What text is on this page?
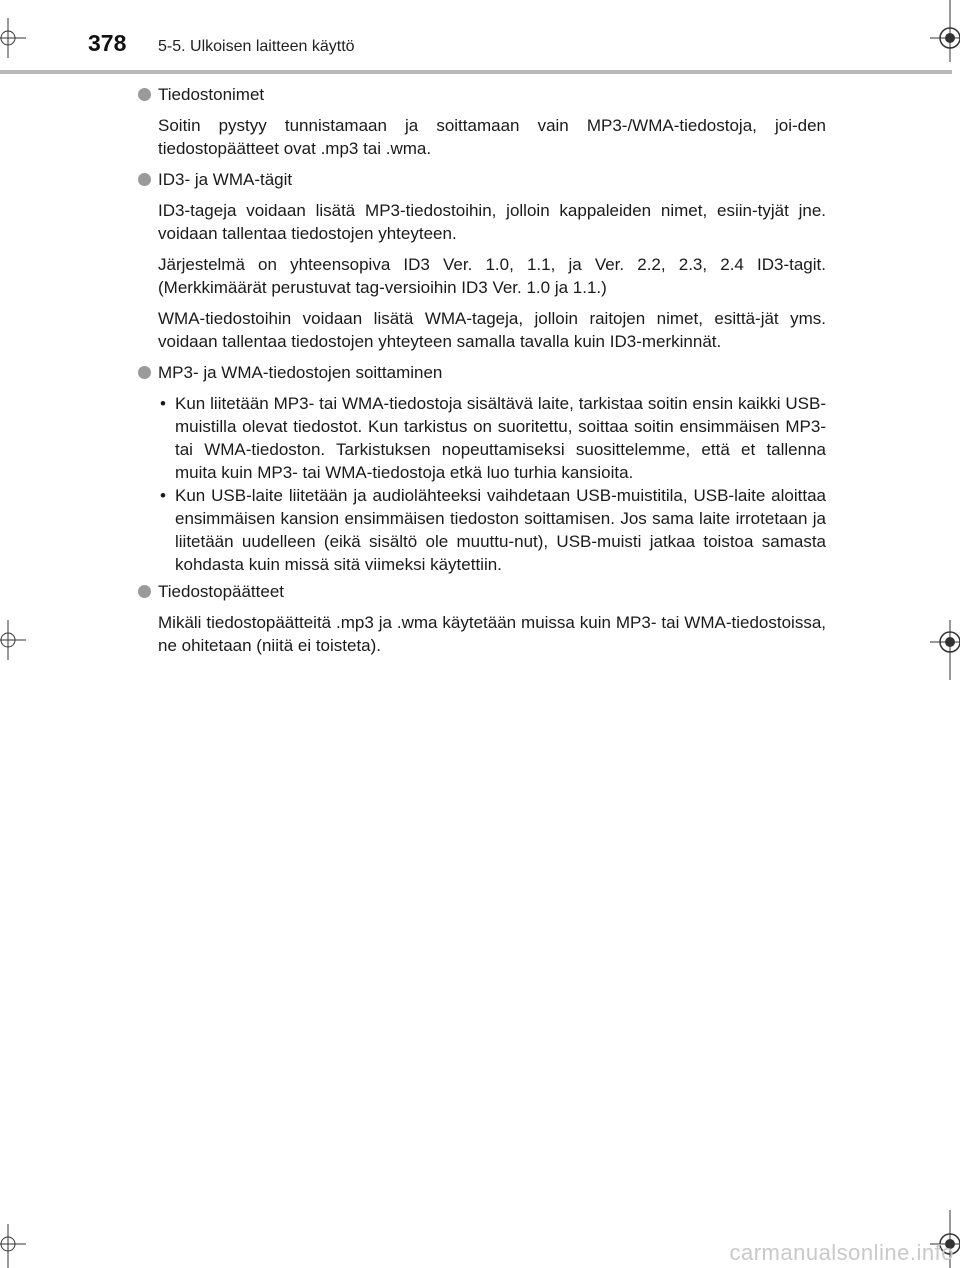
378 5-5. Ulkoisen laitteen käyttö
Tiedostonimet

Soitin pystyy tunnistamaan ja soittamaan vain MP3-/WMA-tiedostoja, joi-den tiedostopäätteet ovat .mp3 tai .wma.

ID3- ja WMA-tägit

ID3-tageja voidaan lisätä MP3-tiedostoihin, jolloin kappaleiden nimet, esiin-tyjät jne. voidaan tallentaa tiedostojen yhteyteen.

Järjestelmä on yhteensopiva ID3 Ver. 1.0, 1.1, ja Ver. 2.2, 2.3, 2.4 ID3-tagit. (Merkkimäärät perustuvat tag-versioihin ID3 Ver. 1.0 ja 1.1.)

WMA-tiedostoihin voidaan lisätä WMA-tageja, jolloin raitojen nimet, esittä-jät yms. voidaan tallentaa tiedostojen yhteyteen samalla tavalla kuin ID3-merkinnät.

MP3- ja WMA-tiedostojen soittaminen
• Kun liitetään MP3- tai WMA-tiedostoja sisältävä laite, tarkistaa soitin ensin kaikki USB-muistilla olevat tiedostot. Kun tarkistus on suoritettu, soittaa soitin ensimmäisen MP3- tai WMA-tiedoston. Tarkistuksen nopeuttamiseksi suosittelemme, että et tallenna muita kuin MP3- tai WMA-tiedostoja etkä luo turhia kansioita.
• Kun USB-laite liitetään ja audiolähteeksi vaihdetaan USB-muistitila, USB-laite aloittaa ensimmäisen kansion ensimmäisen tiedoston soittamisen. Jos sama laite irrotetaan ja liitetään uudelleen (eikä sisältö ole muuttu-nut), USB-muisti jatkaa toistoa samasta kohdasta kuin missä sitä viimeksi käytettiin.
Tiedostopäätteet

Mikäli tiedostopäätteitä .mp3 ja .wma käytetään muissa kuin MP3- tai WMA-tiedostoissa, ne ohitetaan (niitä ei toisteta).

carmanualsonline.info
